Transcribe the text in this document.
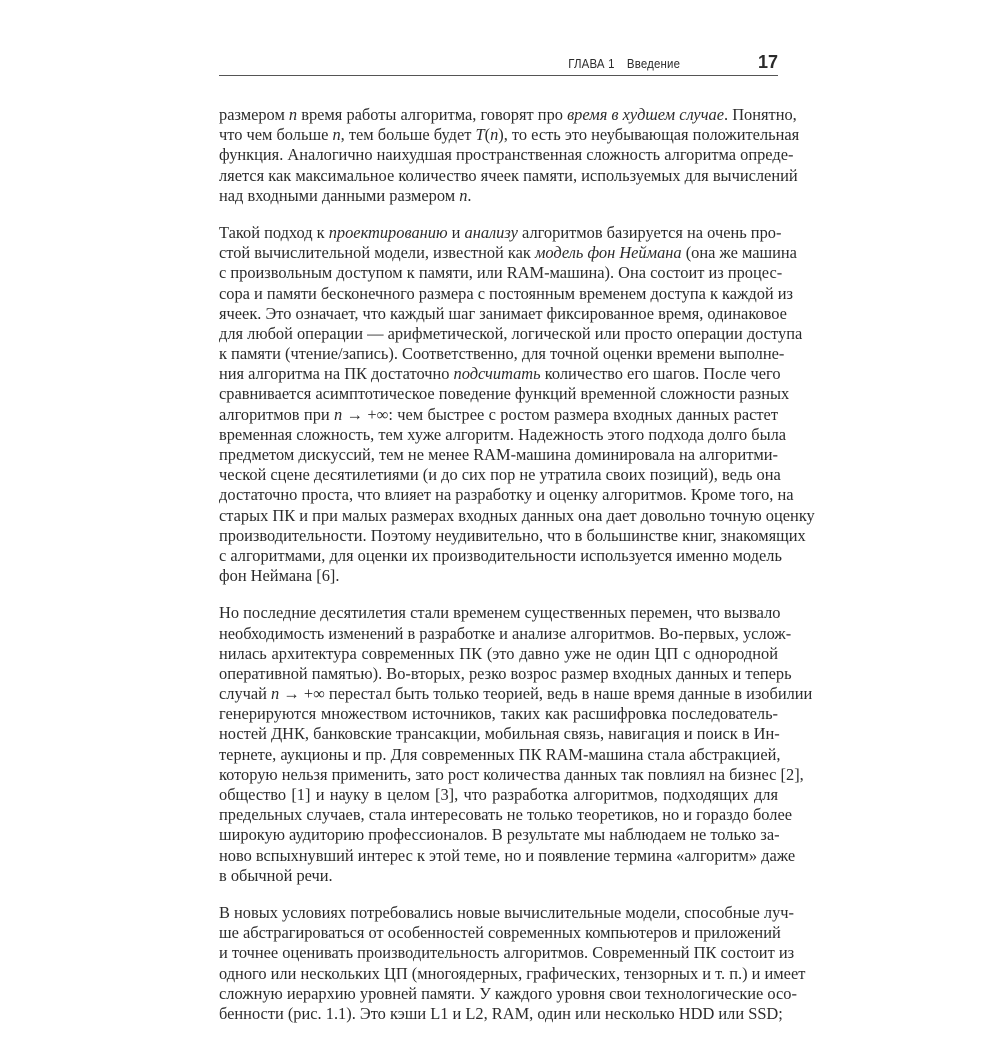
ГЛАВА 1 Введение	17
размером n время работы алгоритма, говорят про время в худшем случае. Понятно,
что чем больше n, тем больше будет T(n), то есть это неубывающая положительная
функция. Аналогично наихудшая пространственная сложность алгоритма опреде-
ляется как максимальное количество ячеек памяти, используемых для вычислений
над входными данными размером n.
Такой подход к проектированию и анализу алгоритмов базируется на очень про-
стой вычислительной модели, известной как модель фон Неймана (она же машина
с произвольным доступом к памяти, или RAM-машина). Она состоит из процес-
сора и памяти бесконечного размера с постоянным временем доступа к каждой из
ячеек. Это означает, что каждый шаг занимает фиксированное время, одинаковое
для любой операции — арифметической, логической или просто операции доступа
к памяти (чтение/запись). Соответственно, для точной оценки времени выполне-
ния алгоритма на ПК достаточно подсчитать количество его шагов. После чего
сравнивается асимптотическое поведение функций временной сложности разных
алгоритмов при n → +∞: чем быстрее с ростом размера входных данных растет
временная сложность, тем хуже алгоритм. Надежность этого подхода долго была
предметом дискуссий, тем не менее RAM-машина доминировала на алгоритми-
ческой сцене десятилетиями (и до сих пор не утратила своих позиций), ведь она
достаточно проста, что влияет на разработку и оценку алгоритмов. Кроме того, на
старых ПК и при малых размерах входных данных она дает довольно точную оценку
производительности. Поэтому неудивительно, что в большинстве книг, знакомящих
с алгоритмами, для оценки их производительности используется именно модель
фон Неймана [6].
Но последние десятилетия стали временем существенных перемен, что вызвало
необходимость изменений в разработке и анализе алгоритмов. Во-первых, услож-
нилась архитектура современных ПК (это давно уже не один ЦП с однородной
оперативной памятью). Во-вторых, резко возрос размер входных данных и теперь
случай n → +∞ перестал быть только теорией, ведь в наше время данные в изобилии
генерируются множеством источников, таких как расшифровка последователь-
ностей ДНК, банковские трансакции, мобильная связь, навигация и поиск в Ин-
тернете, аукционы и пр. Для современных ПК RAM-машина стала абстракцией,
которую нельзя применить, зато рост количества данных так повлиял на бизнес [2],
общество [1] и науку в целом [3], что разработка алгоритмов, подходящих для
предельных случаев, стала интересовать не только теоретиков, но и гораздо более
широкую аудиторию профессионалов. В результате мы наблюдаем не только за-
ново вспыхнувший интерес к этой теме, но и появление термина «алгоритм» даже
в обычной речи.
В новых условиях потребовались новые вычислительные модели, способные луч-
ше абстрагироваться от особенностей современных компьютеров и приложений
и точнее оценивать производительность алгоритмов. Современный ПК состоит из
одного или нескольких ЦП (многоядерных, графических, тензорных и т. п.) и имеет
сложную иерархию уровней памяти. У каждого уровня свои технологические осо-
бенности (рис. 1.1). Это кэши L1 и L2, RAM, один или несколько HDD или SSD;
